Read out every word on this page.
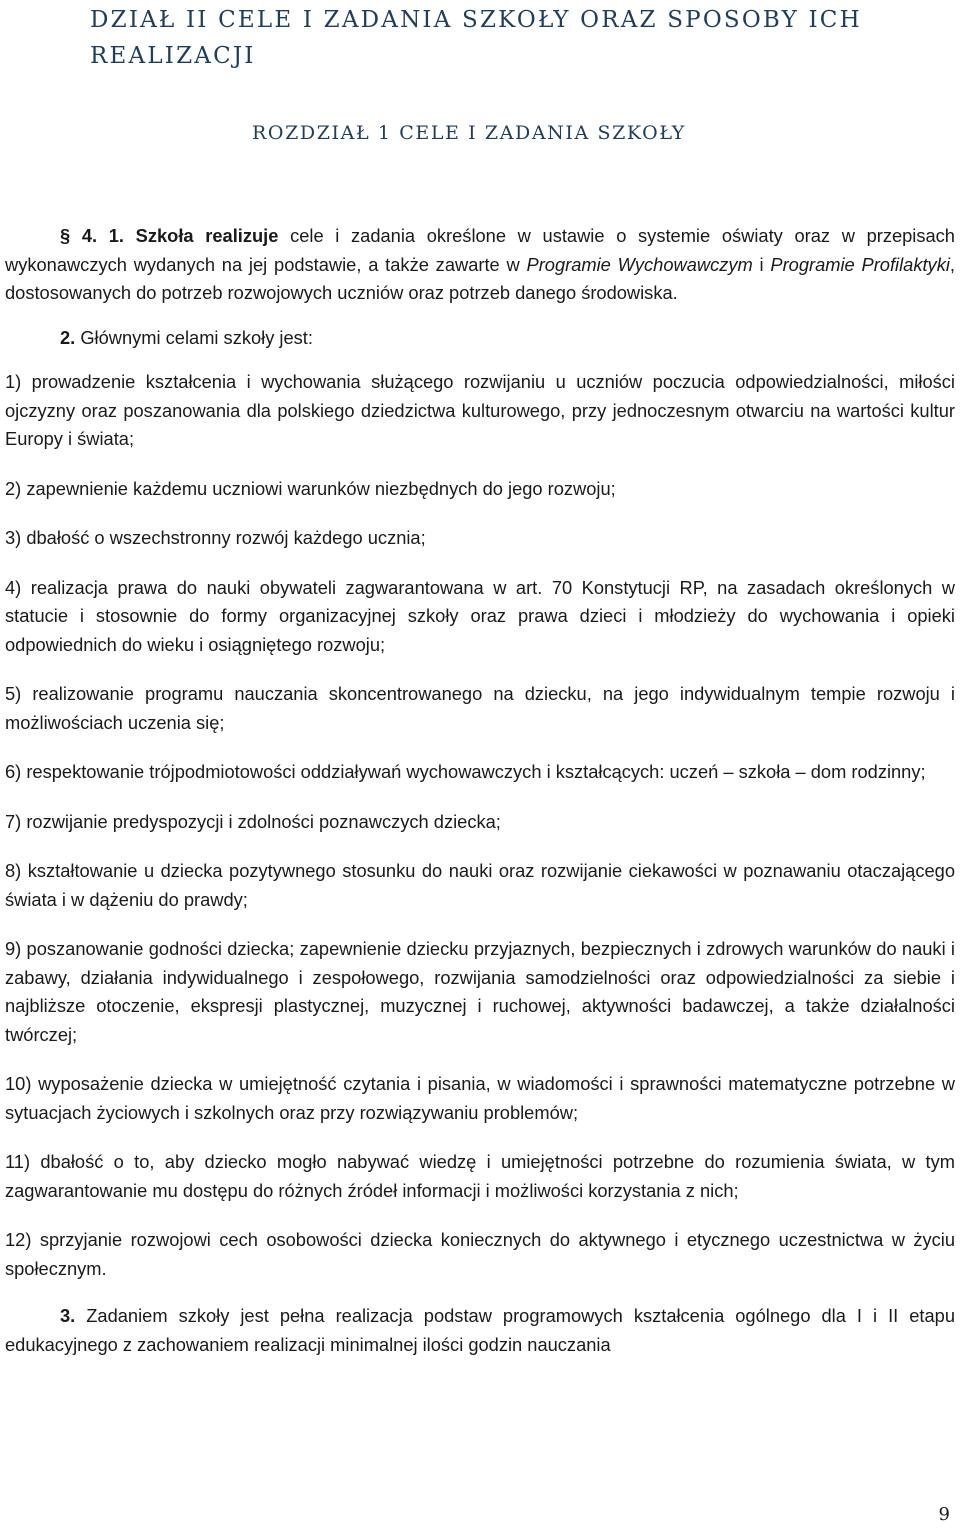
DZIAŁ II CELE I ZADANIA SZKOŁY ORAZ SPOSOBY ICH REALIZACJI
ROZDZIAŁ 1 CELE I ZADANIA SZKOŁY

§ 4. 1. Szkoła realizuje cele i zadania określone w ustawie o systemie oświaty oraz w przepisach wykonawczych wydanych na jej podstawie, a także zawarte w Programie Wychowawczym i Programie Profilaktyki, dostosowanych do potrzeb rozwojowych uczniów oraz potrzeb danego środowiska.

2. Głównymi celami szkoły jest:

1) prowadzenie kształcenia i wychowania służącego rozwijaniu u uczniów poczucia odpowiedzialności, miłości ojczyzny oraz poszanowania dla polskiego dziedzictwa kulturowego, przy jednoczesnym otwarciu na wartości kultur Europy i świata;

2) zapewnienie każdemu uczniowi warunków niezbędnych do jego rozwoju;

3) dbałość o wszechstronny rozwój każdego ucznia;

4) realizacja prawa do nauki obywateli zagwarantowana w art. 70 Konstytucji RP, na zasadach określonych w statucie i stosownie do formy organizacyjnej szkoły oraz prawa dzieci i młodzieży do wychowania i opieki odpowiednich do wieku i osiągniętego rozwoju;

5) realizowanie programu nauczania skoncentrowanego na dziecku, na jego indywidualnym tempie rozwoju i możliwościach uczenia się;

6) respektowanie trójpodmiotowości oddziaływań wychowawczych i kształcących: uczeń – szkoła – dom rodzinny;

7) rozwijanie predyspozycji i zdolności poznawczych dziecka;

8) kształtowanie u dziecka pozytywnego stosunku do nauki oraz rozwijanie ciekawości w poznawaniu otaczającego świata i w dążeniu do prawdy;

9) poszanowanie godności dziecka; zapewnienie dziecku przyjaznych, bezpiecznych i zdrowych warunków do nauki i zabawy, działania indywidualnego i zespołowego, rozwijania samodzielności oraz odpowiedzialności za siebie i najbliższe otoczenie, ekspresji plastycznej, muzycznej i ruchowej, aktywności badawczej, a także działalności twórczej;

10) wyposażenie dziecka w umiejętność czytania i pisania, w wiadomości i sprawności matematyczne potrzebne w sytuacjach życiowych i szkolnych oraz przy rozwiązywaniu problemów;

11) dbałość o to, aby dziecko mogło nabywać wiedzę i umiejętności potrzebne do rozumienia świata, w tym zagwarantowanie mu dostępu do różnych źródeł informacji i możliwości korzystania z nich;

12) sprzyjanie rozwojowi cech osobowości dziecka koniecznych do aktywnego i etycznego uczestnictwa w życiu społecznym.

3. Zadaniem szkoły jest pełna realizacja podstaw programowych kształcenia ogólnego dla I i II etapu edukacyjnego z zachowaniem realizacji minimalnej ilości godzin nauczania

9
